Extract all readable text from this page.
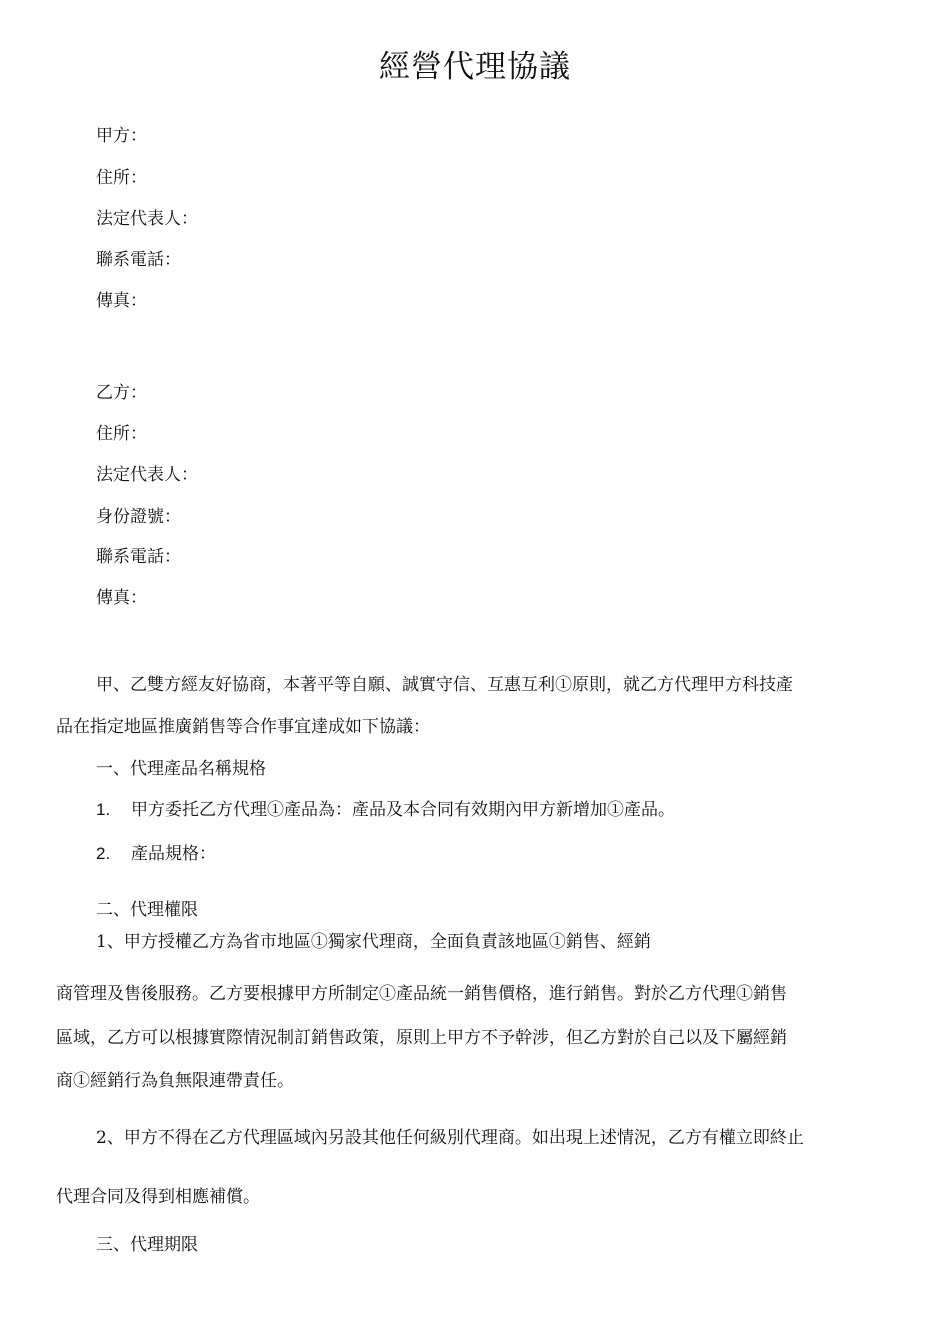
經營代理協議
甲方：
住所：
法定代表人：
聯系電話：
傳真：
乙方：
住所：
法定代表人：
身份證號：
聯系電話：
傳真：
甲、乙雙方經友好協商，本著平等自願、誠實守信、互惠互利①原則，就乙方代理甲方科技產
品在指定地區推廣銷售等合作事宜達成如下協議：
一、代理產品名稱規格
1. 甲方委托乙方代理①產品為：產品及本合同有效期內甲方新增加①產品。
2. 產品規格：
二、代理權限
1、甲方授權乙方為省市地區①獨家代理商，全面負責該地區①銷售、經銷
商管理及售後服務。乙方要根據甲方所制定①產品統一銷售價格，進行銷售。對於乙方代理①銷售
區域，乙方可以根據實際情況制訂銷售政策，原則上甲方不予幹涉，但乙方對於自己以及下屬經銷
商①經銷行為負無限連帶責任。
2、甲方不得在乙方代理區域內另設其他任何級別代理商。如出現上述情況，乙方有權立即終止
代理合同及得到相應補償。
三、代理期限
